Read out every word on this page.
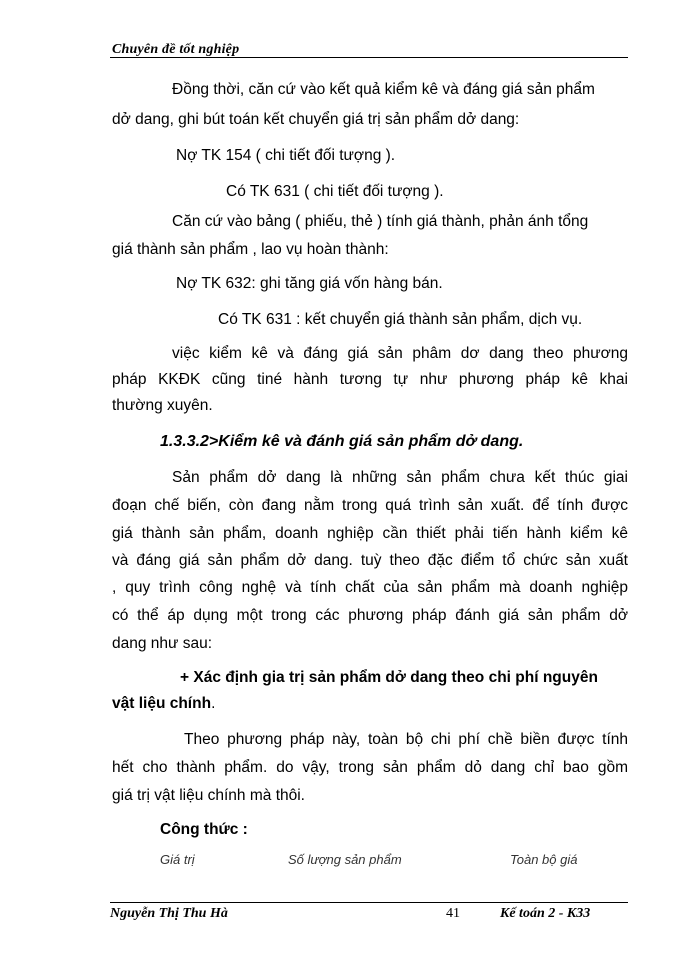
Chuyên đề tốt nghiệp
Đồng thời, căn cứ vào kết quả kiểm kê và đáng giá sản phẩm
dở dang, ghi bút toán kết chuyển giá trị sản phẩm dở dang:
Nợ TK 154 ( chi tiết đối tượng ).
Có TK 631 ( chi tiết đối tượng ).
Căn cứ vào bảng ( phiếu, thẻ ) tính giá thành, phản ánh tổng
giá thành sản phẩm , lao vụ hoàn thành:
Nợ TK 632: ghi tăng giá vốn hàng bán.
Có TK 631 : kết chuyển giá thành sản phẩm, dịch vụ.
việc kiểm kê và đáng giá sản phâm dơ dang theo phương
pháp KKĐK cũng tiné hành tương tự như phương pháp kê khai
thường xuyên.
1.3.3.2>Kiểm kê và đánh giá sản phẩm dở dang.
Sản phẩm dở dang là những sản phẩm chưa kết thúc giai
đoạn chế biến, còn đang nằm trong quá trình sản xuất. để tính được
giá thành sản phẩm, doanh nghiệp cần thiết phải tiến hành kiểm kê
và đáng giá sản phẩm dở dang. tuỳ theo đặc điểm tổ chức sản xuất
, quy trình công nghệ và tính chất của sản phẩm mà doanh nghiệp
có thể áp dụng một trong các phương pháp đánh giá sản phẩm dở
dang như sau:
+ Xác định gia trị sản phẩm dở dang theo chi phí nguyên
vật liệu chính.
Theo phương pháp này, toàn bộ chi phí chề biền được tính
hết cho thành phẩm. do vậy, trong sản phẩm dỏ dang chỉ bao gồm
giá trị vật liệu chính mà thôi.
Công thức :
Giá trị	Số lượng sản phẩm	Toàn bộ giá
Nguyễn Thị Thu Hà	41	Kế toán 2 - K33
